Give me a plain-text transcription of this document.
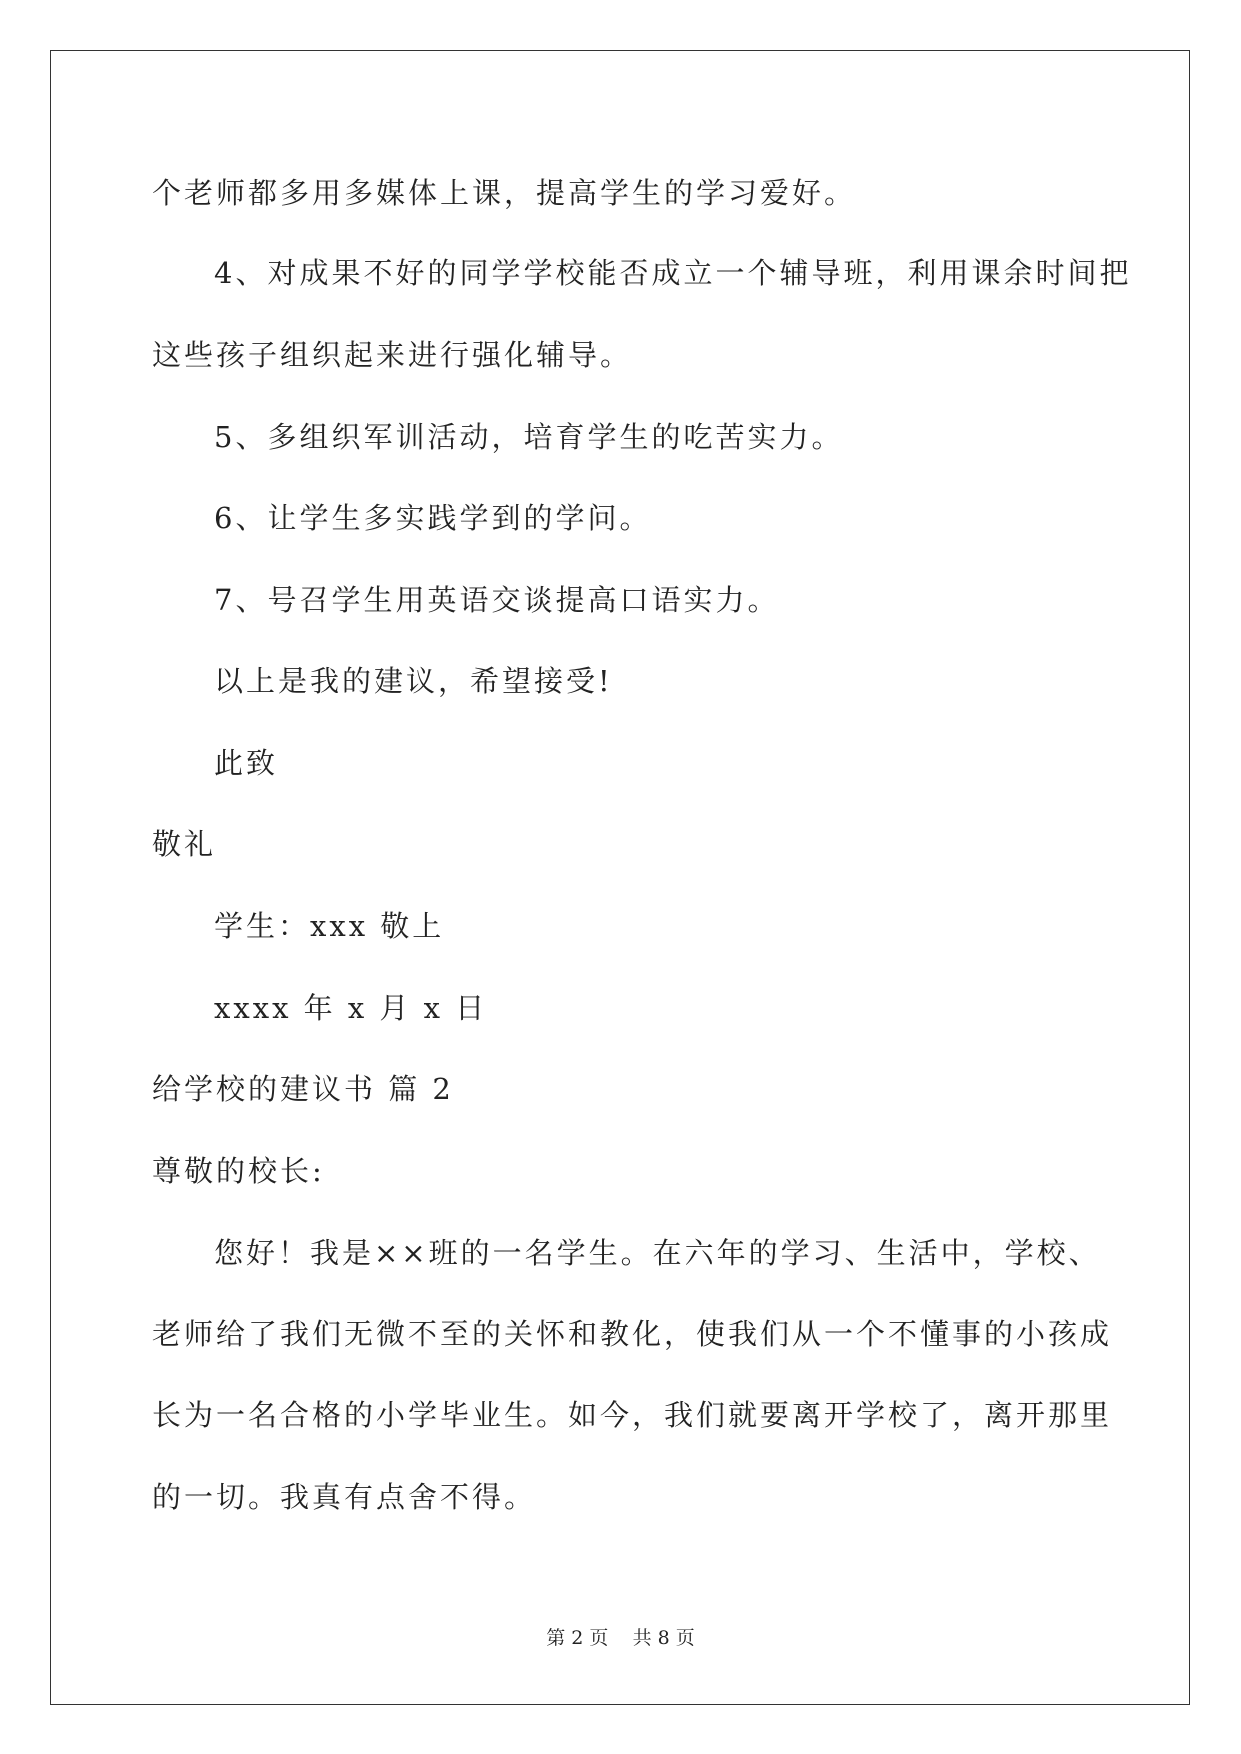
个老师都多用多媒体上课，提高学生的学习爱好。
4、对成果不好的同学学校能否成立一个辅导班，利用课余时间把
这些孩子组织起来进行强化辅导。
5、多组织军训活动，培育学生的吃苦实力。
6、让学生多实践学到的学问。
7、号召学生用英语交谈提高口语实力。
以上是我的建议，希望接受!
此致
敬礼
学生：xxx 敬上
xxxx 年 x 月 x 日
给学校的建议书 篇 2
尊敬的校长:
您好！我是××班的一名学生。在六年的学习、生活中，学校、
老师给了我们无微不至的关怀和教化，使我们从一个不懂事的小孩成
长为一名合格的小学毕业生。如今，我们就要离开学校了，离开那里
的一切。我真有点舍不得。
第 2 页    共 8 页
